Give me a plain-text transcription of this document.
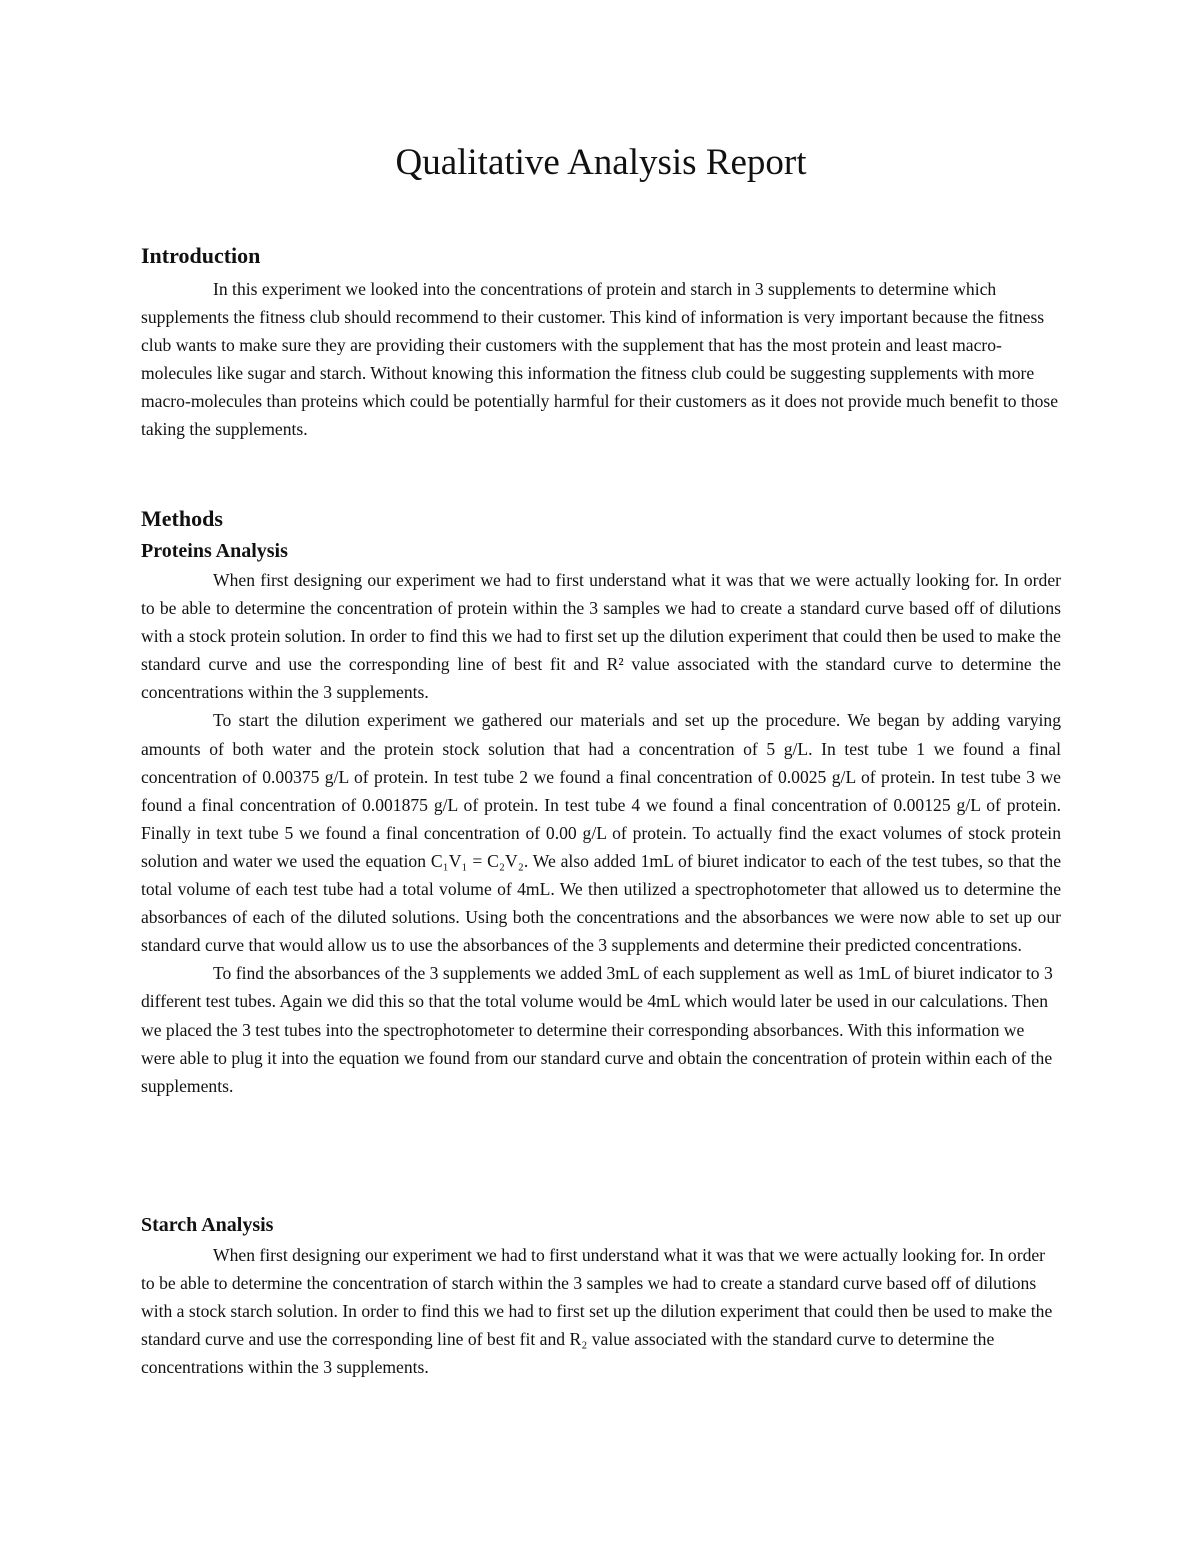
Qualitative Analysis Report
Introduction

In this experiment we looked into the concentrations of protein and starch in 3 supplements to determine which supplements the fitness club should recommend to their customer. This kind of information is very important because the fitness club wants to make sure they are providing their customers with the supplement that has the most protein and least macro-molecules like sugar and starch. Without knowing this information the fitness club could be suggesting supplements with more macro-molecules than proteins which could be potentially harmful for their customers as it does not provide much benefit to those taking the supplements.

Methods
Proteins Analysis

When first designing our experiment we had to first understand what it was that we were actually looking for. In order to be able to determine the concentration of protein within the 3 samples we had to create a standard curve based off of dilutions with a stock protein solution. In order to find this we had to first set up the dilution experiment that could then be used to make the standard curve and use the corresponding line of best fit and R² value associated with the standard curve to determine the concentrations within the 3 supplements.

To start the dilution experiment we gathered our materials and set up the procedure. We began by adding varying amounts of both water and the protein stock solution that had a concentration of 5 g/L. In test tube 1 we found a final concentration of 0.00375 g/L of protein. In test tube 2 we found a final concentration of 0.0025 g/L of protein. In test tube 3 we found a final concentration of 0.001875 g/L of protein. In test tube 4 we found a final concentration of 0.00125 g/L of protein. Finally in text tube 5 we found a final concentration of 0.00 g/L of protein. To actually find the exact volumes of stock protein solution and water we used the equation C₁V₁ = C₂V₂. We also added 1mL of biuret indicator to each of the test tubes, so that the total volume of each test tube had a total volume of 4mL. We then utilized a spectrophotometer that allowed us to determine the absorbances of each of the diluted solutions. Using both the concentrations and the absorbances we were now able to set up our standard curve that would allow us to use the absorbances of the 3 supplements and determine their predicted concentrations.

To find the absorbances of the 3 supplements we added 3mL of each supplement as well as 1mL of biuret indicator to 3 different test tubes. Again we did this so that the total volume would be 4mL which would later be used in our calculations. Then we placed the 3 test tubes into the spectrophotometer to determine their corresponding absorbances. With this information we were able to plug it into the equation we found from our standard curve and obtain the concentration of protein within each of the supplements.

Starch Analysis

When first designing our experiment we had to first understand what it was that we were actually looking for. In order to be able to determine the concentration of starch within the 3 samples we had to create a standard curve based off of dilutions with a stock starch solution. In order to find this we had to first set up the dilution experiment that could then be used to make the standard curve and use the corresponding line of best fit and R₂ value associated with the standard curve to determine the concentrations within the 3 supplements.
